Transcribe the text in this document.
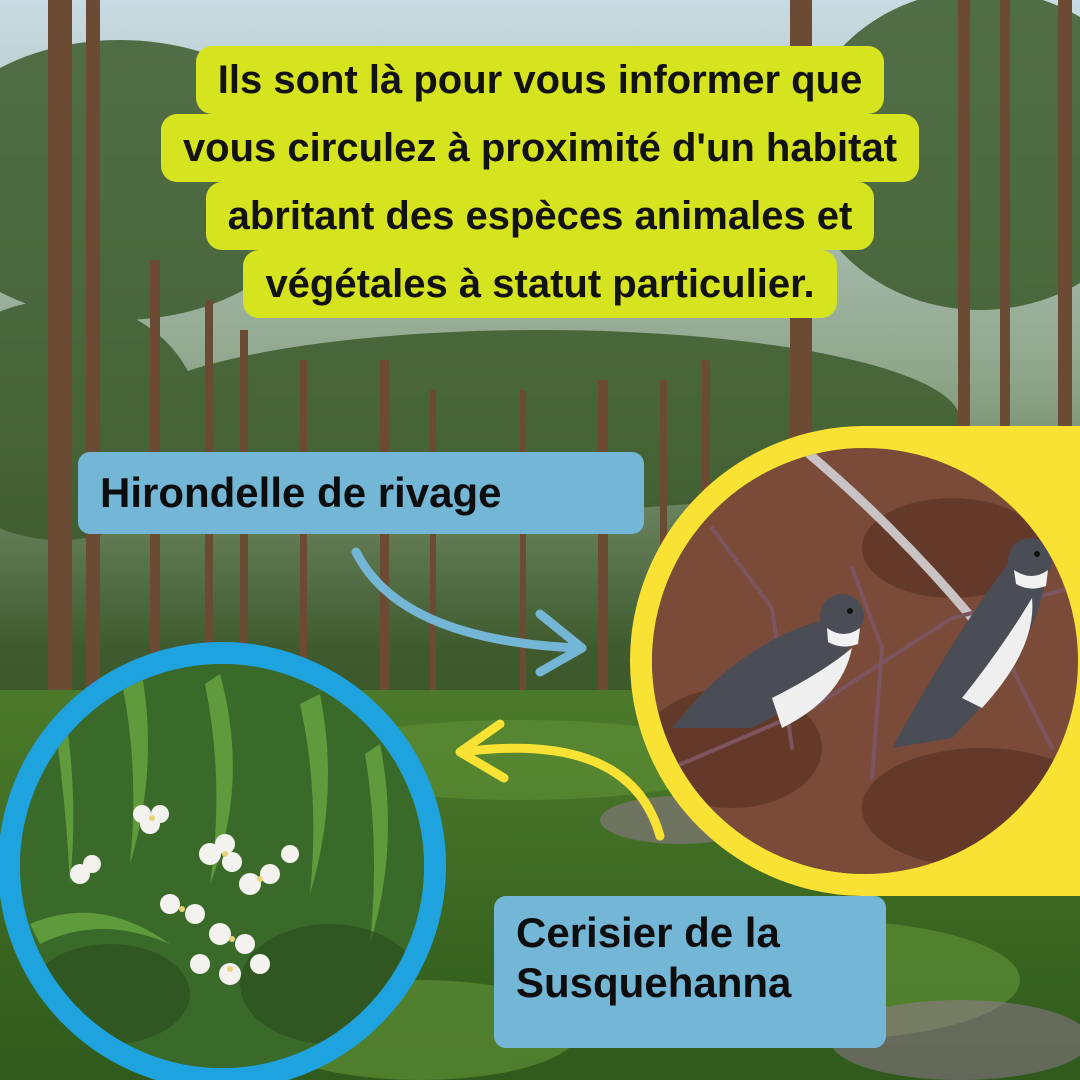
Ils sont là pour vous informer que
vous circulez à proximité d'un habitat
abritant des espèces animales et
végétales à statut particulier.
Hirondelle de rivage
Cerisier de la
Susquehanna
